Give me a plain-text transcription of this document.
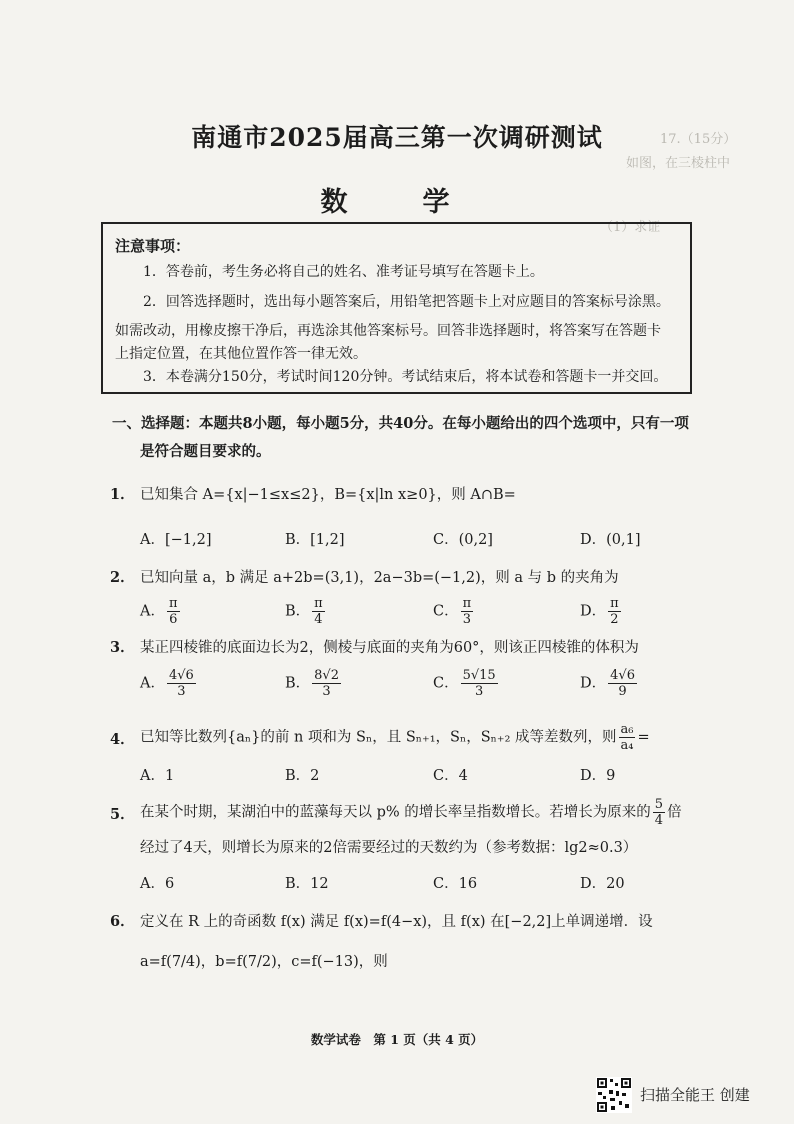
17.（15分）
如图，在三棱柱中
（1）求证
南通市2025届高三第一次调研测试
数　学
注意事项：
1．答卷前，考生务必将自己的姓名、准考证号填写在答题卡上。
2．回答选择题时，选出每小题答案后，用铅笔把答题卡上对应题目的答案标号涂黑。
如需改动，用橡皮擦干净后，再选涂其他答案标号。回答非选择题时，将答案写在答题卡
上指定位置，在其他位置作答一律无效。
3．本卷满分150分，考试时间120分钟。考试结束后，将本试卷和答题卡一并交回。
一、选择题：本题共8小题，每小题5分，共40分。在每小题给出的四个选项中，只有一项
是符合题目要求的。
1． 已知集合 A={x|−1≤x≤2}，B={x|ln x≥0}，则 A∩B=
A．[−1,2]	B．[1,2]	C．(0,2]	D．(0,1]
2． 已知向量 a，b 满足 a+2b=(3,1)，2a−3b=(−1,2)，则 a 与 b 的夹角为
A． $\frac{\pi}{6}$	B． $\frac{\pi}{4}$	C． $\frac{\pi}{3}$	D． $\frac{\pi}{2}$
3． 某正四棱锥的底面边长为2，侧棱与底面的夹角为60°，则该正四棱锥的体积为
A． $\frac{4√6}{3}$	B． $\frac{8√2}{3}$	C． $\frac{5√15}{3}$	D． $\frac{4√6}{9}$
4． 已知等比数列{aₙ}的前 n 项和为 Sₙ，且 Sₙ₊₁，Sₙ，Sₙ₊₂ 成等差数列，则 $\frac{\text{a₆}}{\text{a₄}}$ =
A．1	B．2	C．4	D．9
5． 在某个时期，某湖泊中的蓝藻每天以 p% 的增长率呈指数增长。若增长为原来的 $\frac{5}{4}$ 倍
经过了4天，则增长为原来的2倍需要经过的天数约为（参考数据：lg2≈0.3）
A．6	B．12	C．16	D．20
6． 定义在 R 上的奇函数 f(x) 满足 f(x)=f(4−x)，且 f(x) 在[−2,2]上单调递增．设
a=f(7/4)，b=f(7/2)，c=f(−13)，则
数学试卷　第 1 页（共 4 页）
扫描全能王 创建
